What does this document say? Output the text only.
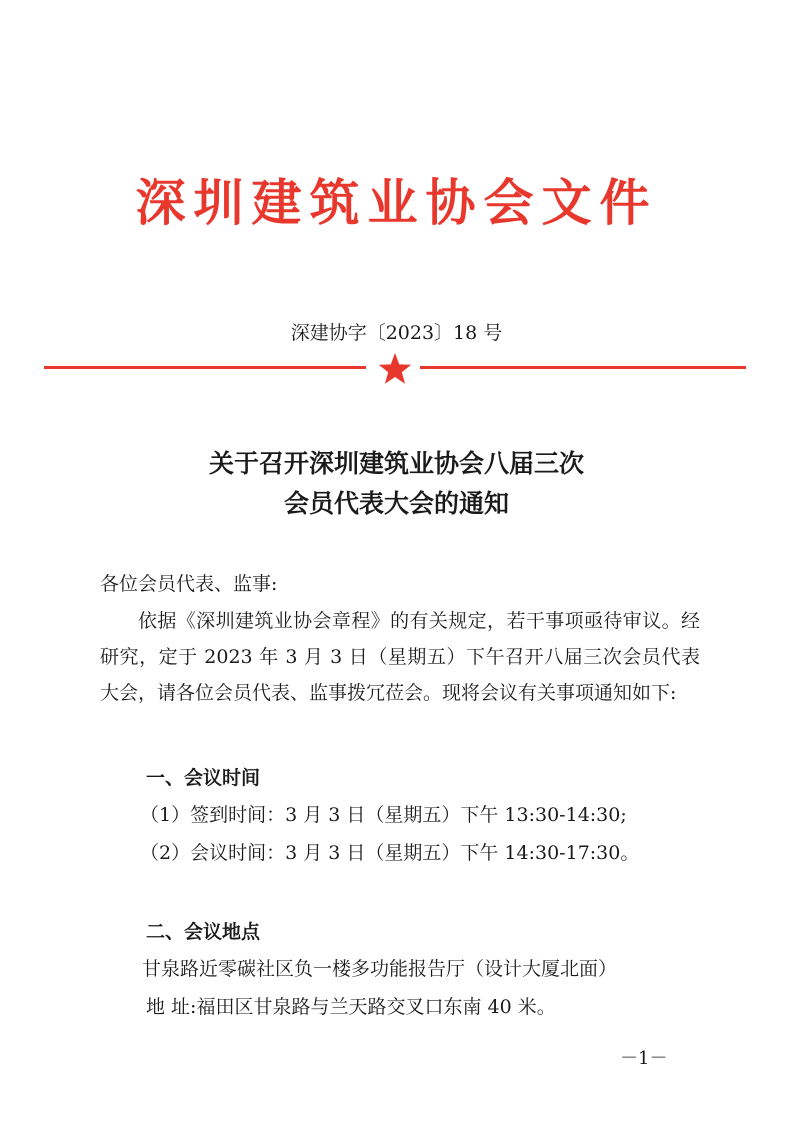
深圳建筑业协会文件
深建协字〔2023〕18 号
关于召开深圳建筑业协会八届三次
会员代表大会的通知
各位会员代表、监事:

依据《深圳建筑业协会章程》的有关规定，若干事项亟待审议。经研究，定于 2023 年 3 月 3 日（星期五）下午召开八届三次会员代表大会，请各位会员代表、监事拨冗莅会。现将会议有关事项通知如下:

一、会议时间
（1）签到时间：3 月 3 日（星期五）下午 13:30-14:30;
（2）会议时间：3 月 3 日（星期五）下午 14:30-17:30。
二、会议地点
甘泉路近零碳社区负一楼多功能报告厅（设计大厦北面）
地 址:福田区甘泉路与兰天路交叉口东南 40 米。
－1－
